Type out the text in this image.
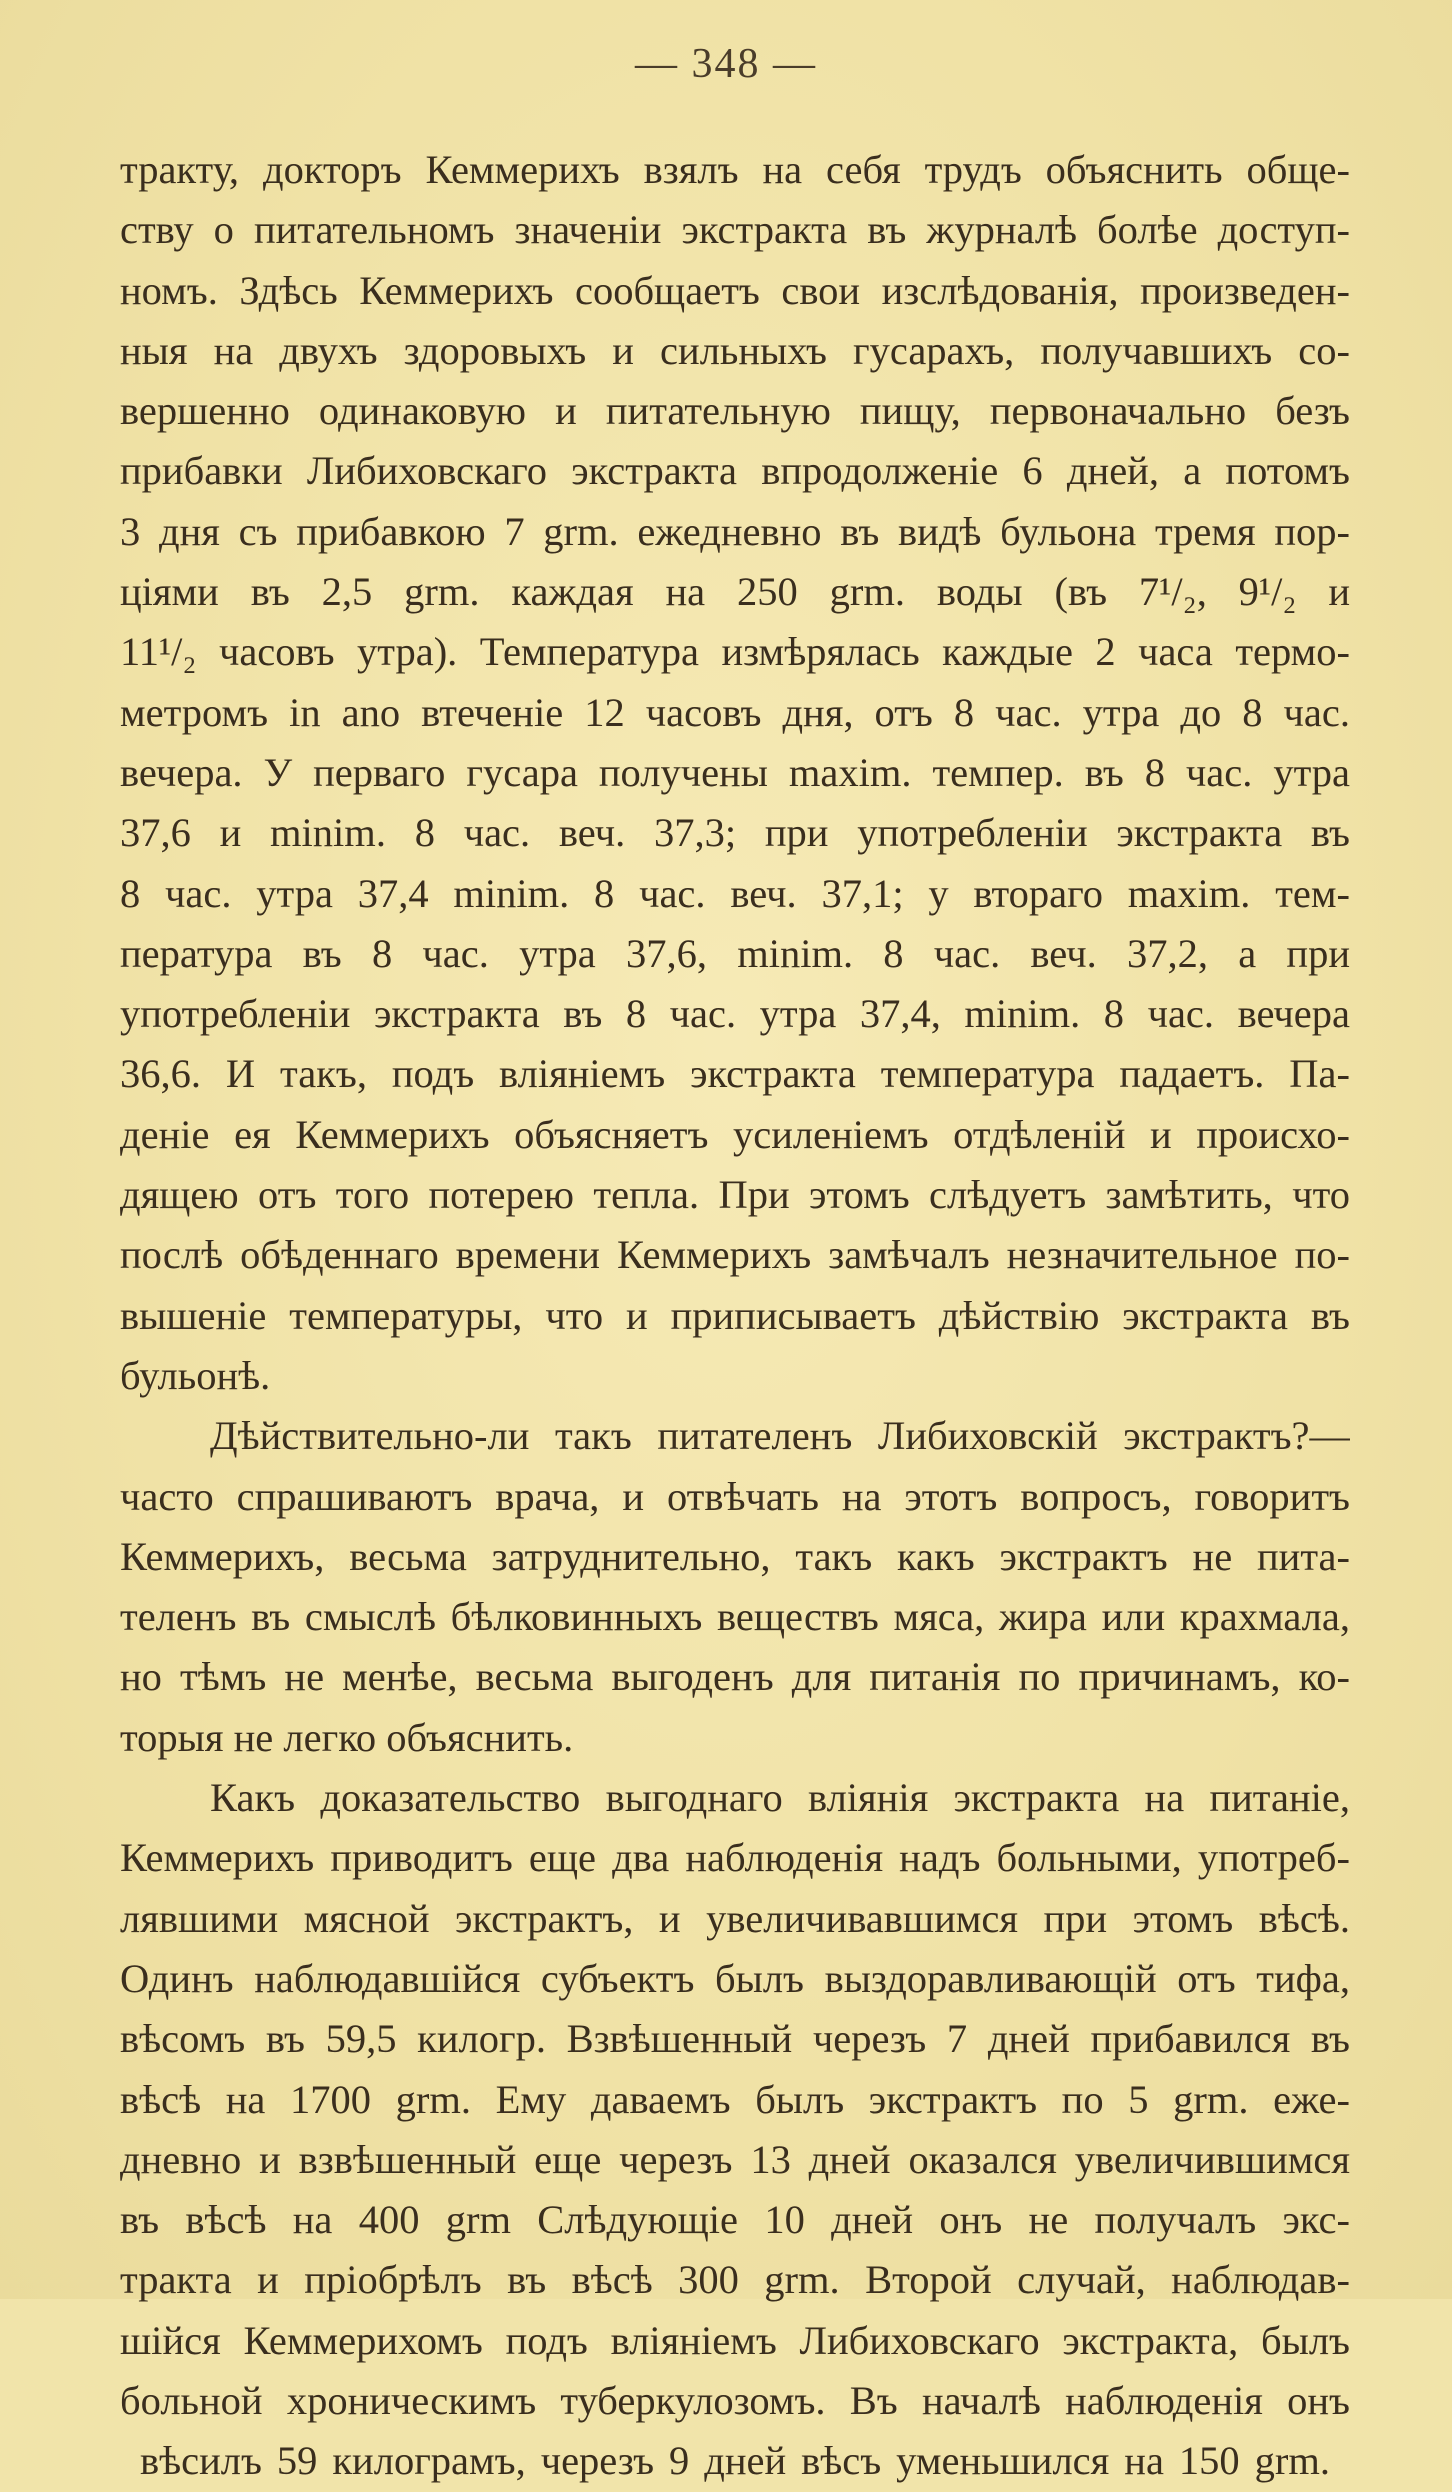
— 348 —
тракту, докторъ Кеммерихъ взялъ на себя трудъ объяснить обще-
ству о питательномъ значенiи экстракта въ журналѣ болѣе доступ-
номъ. Здѣсь Кеммерихъ сообщаетъ свои изслѣдованiя, произведен-
ныя на двухъ здоровыхъ и сильныхъ гусарахъ, получавшихъ со-
вершенно одинаковую и питательную пищу, первоначально безъ
прибавки Либиховскаго экстракта впродолженiе 6 дней, а потомъ
3 дня съ прибавкою 7 grm. ежедневно въ видѣ бульона тремя пор-
цiями въ 2,5 grm. каждая на 250 grm. воды (въ 7¹/₂, 9¹/₂ и
11¹/₂ часовъ утра). Температура измѣрялась каждые 2 часа термо-
метромъ in ano втеченiе 12 часовъ дня, отъ 8 час. утра до 8 час.
вечера. У перваго гусара получены maxim. темпер. въ 8 час. утра
37,6 и minim. 8 час. веч. 37,3; при употребленiи экстракта въ
8 час. утра 37,4 minim. 8 час. веч. 37,1; у втораго maxim. тем-
пература въ 8 час. утра 37,6, minim. 8 час. веч. 37,2, а при
употребленiи экстракта въ 8 час. утра 37,4, minim. 8 час. вечера
36,6. И такъ, подъ влiянiемъ экстракта температура падаетъ. Па-
денiе ея Кеммерихъ объясняетъ усиленiемъ отдѣленiй и происхо-
дящею отъ того потерею тепла. При этомъ слѣдуетъ замѣтить, что
послѣ обѣденнаго времени Кеммерихъ замѣчалъ незначительное по-
вышенiе температуры, что и приписываетъ дѣйствiю экстракта въ
бульонѣ.
Дѣйствительно-ли такъ питателенъ Либиховскiй экстрактъ?—
часто спрашиваютъ врача, и отвѣчать на этотъ вопросъ, говоритъ
Кеммерихъ, весьма затруднительно, такъ какъ экстрактъ не пита-
теленъ въ смыслѣ бѣлковинныхъ веществъ мяса, жира или крахмала,
но тѣмъ не менѣе, весьма выгоденъ для питанiя по причинамъ, ко-
торыя не легко объяснить.
Какъ доказательство выгоднаго влiянiя экстракта на питанiе,
Кеммерихъ приводитъ еще два наблюденiя надъ больными, употреб-
лявшими мясной экстрактъ, и увеличивавшимся при этомъ вѣсѣ.
Одинъ наблюдавшiйся субъектъ былъ выздоравливающiй отъ тифа,
вѣсомъ въ 59,5 килогр. Взвѣшенный черезъ 7 дней прибавился въ
вѣсѣ на 1700 grm. Ему даваемъ былъ экстрактъ по 5 grm. еже-
дневно и взвѣшенный еще черезъ 13 дней оказался увеличившимся
въ вѣсѣ на 400 grm Слѣдующiе 10 дней онъ не получалъ экс-
тракта и прiобрѣлъ въ вѣсѣ 300 grm. Второй случай, наблюдав-
шiйся Кеммерихомъ подъ влiянiемъ Либиховскаго экстракта, былъ
больной хроническимъ туберкулозомъ. Въ началѣ наблюденiя онъ
вѣсилъ 59 килограмъ, черезъ 9 дней вѣсъ уменьшился на 150 grm.
